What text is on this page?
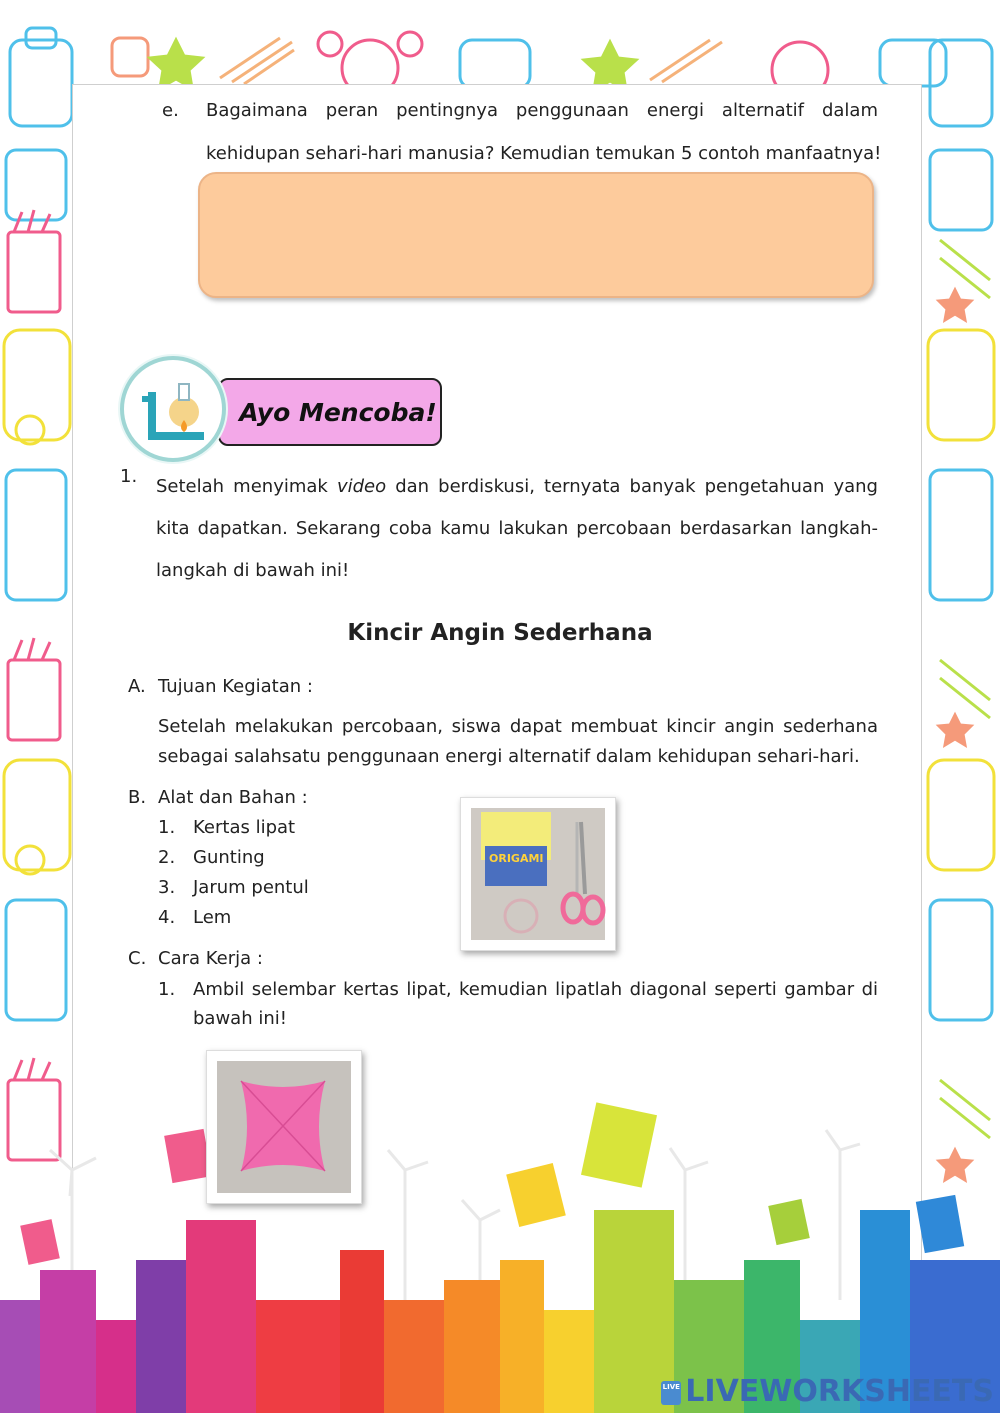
e. Bagaimana peran pentingnya penggunaan energi alternatif dalam
kehidupan sehari-hari manusia? Kemudian temukan 5 contoh manfaatnya!
Ayo Mencoba!
1. Setelah menyimak video dan berdiskusi, ternyata banyak pengetahuan yang kita dapatkan. Sekarang coba kamu lakukan percobaan berdasarkan langkah-langkah di bawah ini!
Kincir Angin Sederhana
A. Tujuan Kegiatan :
Setelah melakukan percobaan, siswa dapat membuat kincir angin sederhana
sebagai salahsatu penggunaan energi alternatif dalam kehidupan sehari-hari.
B. Alat dan Bahan :
1. Kertas lipat
2. Gunting
3. Jarum pentul
4. Lem
ORIGAMI
C. Cara Kerja :
1. Ambil selembar kertas lipat, kemudian lipatlah diagonal seperti gambar di
bawah ini!
LIVE LIVEWORKSHEETS
